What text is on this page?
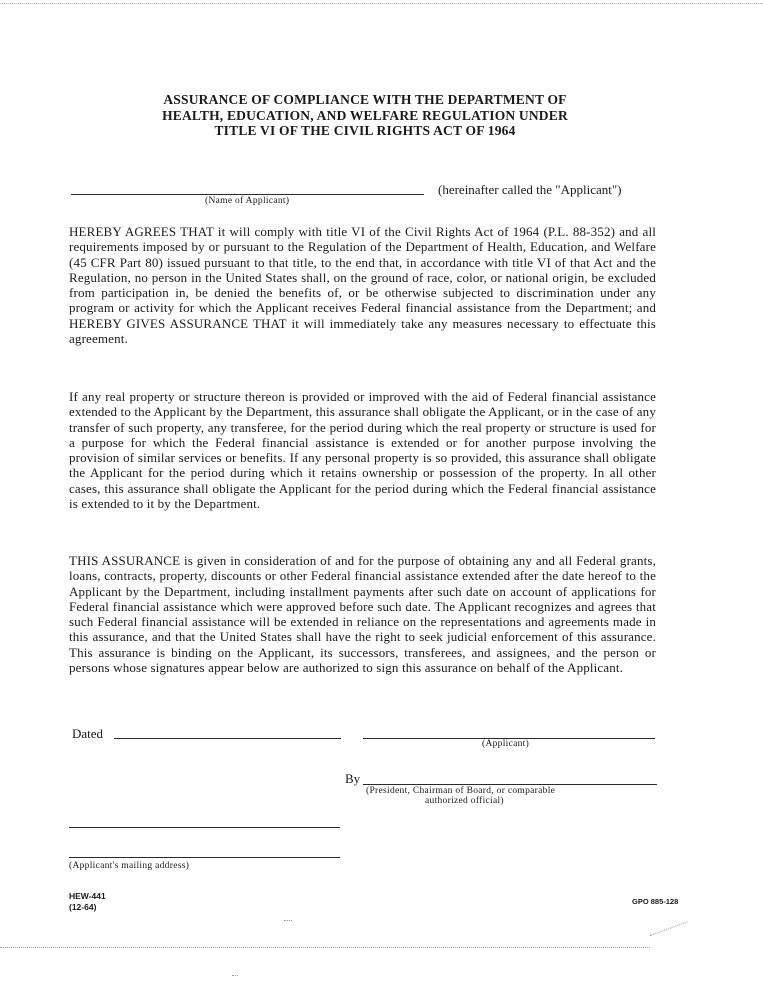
ASSURANCE OF COMPLIANCE WITH THE DEPARTMENT OF
HEALTH, EDUCATION, AND WELFARE REGULATION UNDER
TITLE VI OF THE CIVIL RIGHTS ACT OF 1964
(Name of Applicant)
(hereinafter called the "Applicant")
HEREBY AGREES THAT it will comply with title VI of the Civil Rights Act of 1964 (P.L. 88-352) and all requirements imposed by or pursuant to the Regulation of the Department of Health, Education, and Welfare (45 CFR Part 80) issued pursuant to that title, to the end that, in accordance with title VI of that Act and the Regulation, no person in the United States shall, on the ground of race, color, or national origin, be excluded from participation in, be denied the benefits of, or be otherwise subjected to discrimination under any program or activity for which the Applicant receives Federal financial assistance from the Department; and HEREBY GIVES ASSURANCE THAT it will immediately take any measures necessary to effectuate this agreement.
If any real property or structure thereon is provided or improved with the aid of Federal financial assistance extended to the Applicant by the Department, this assurance shall obligate the Applicant, or in the case of any transfer of such property, any transferee, for the period during which the real property or structure is used for a purpose for which the Federal financial assistance is extended or for another purpose involving the provision of similar services or benefits. If any personal property is so provided, this assurance shall obligate the Applicant for the period during which it retains ownership or possession of the property. In all other cases, this assurance shall obligate the Applicant for the period during which the Federal financial assistance is extended to it by the Department.
THIS ASSURANCE is given in consideration of and for the purpose of obtaining any and all Federal grants, loans, contracts, property, discounts or other Federal financial assistance extended after the date hereof to the Applicant by the Department, including installment payments after such date on account of applications for Federal financial assistance which were approved before such date. The Applicant recognizes and agrees that such Federal financial assistance will be extended in reliance on the representations and agreements made in this assurance, and that the United States shall have the right to seek judicial enforcement of this assurance. This assurance is binding on the Applicant, its successors, transferees, and assignees, and the person or persons whose signatures appear below are authorized to sign this assurance on behalf of the Applicant.
Dated
(Applicant)
By
(President, Chairman of Board, or comparable
authorized official)
(Applicant's mailing address)
HEW-441
(12-64)
GPO 885-128
